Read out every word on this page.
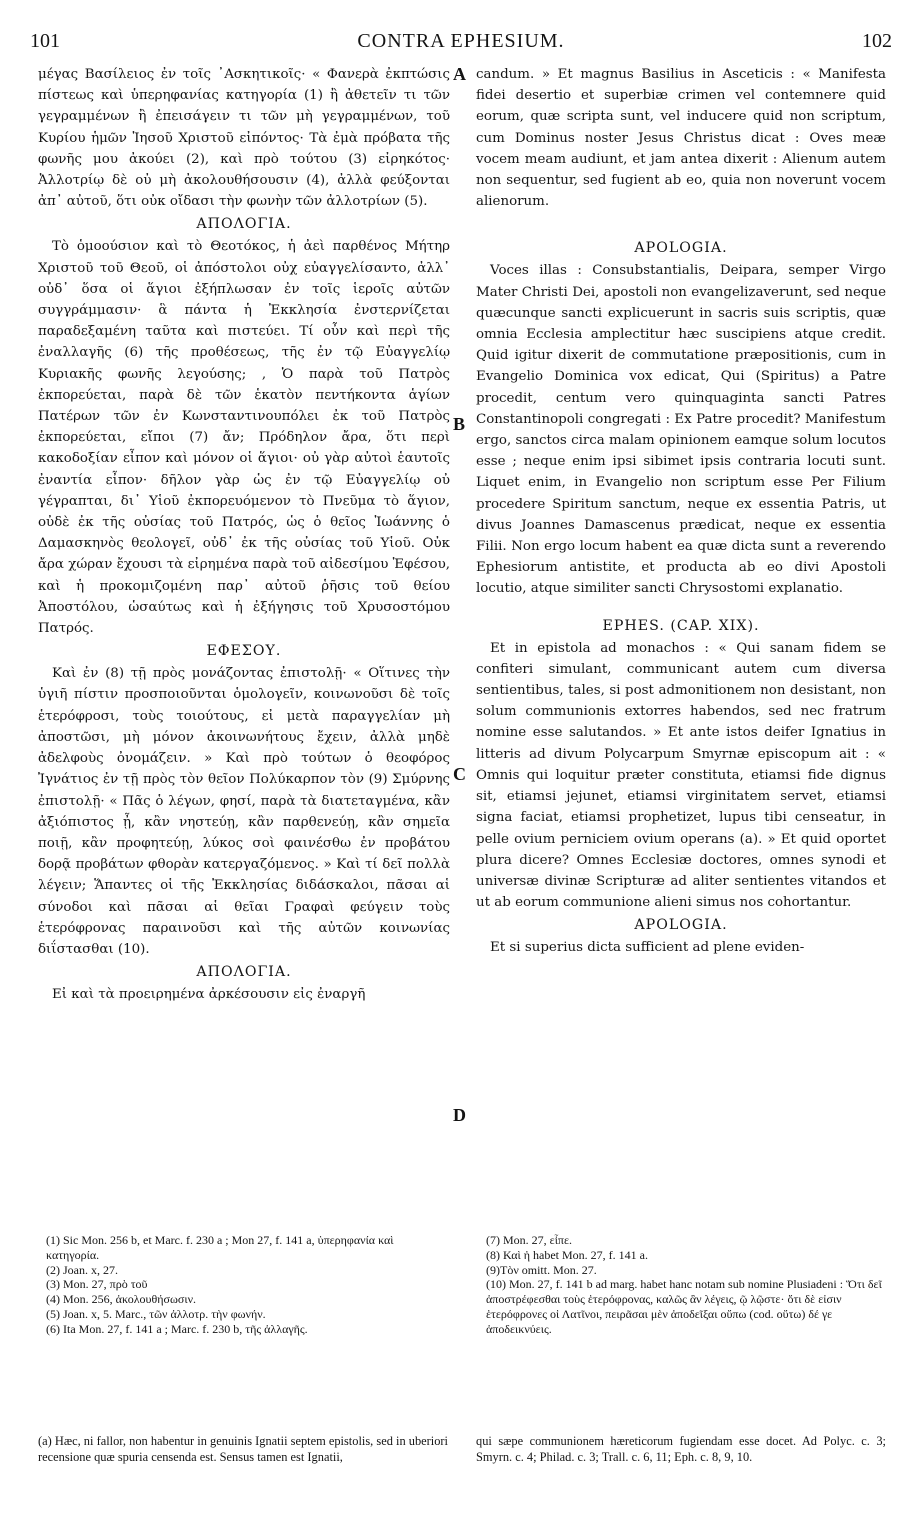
101	CONTRA EPHESIUM.	102
A
B
C
D

μέγας Βασίλειος ἐν τοῖς ᾿Ασκητικοῖς· « Φανερὰ ἐκπτώσις πίστεως καὶ ὑπερηφανίας κατηγορία (1) ἢ ἀθετεῖν τι τῶν γεγραμμένων ἢ ἐπεισάγειν τι τῶν μὴ γεγραμμένων, τοῦ Κυρίου ἡμῶν Ἰησοῦ Χριστοῦ εἰπόντος· Τὰ ἐμὰ πρόβατα τῆς φωνῆς μου ἀκούει (2), καὶ πρὸ τούτου (3) εἰρηκότος· Ἀλλοτρίῳ δὲ οὐ μὴ ἀκολουθήσουσιν (4), ἀλλὰ φεύξονται ἀπ᾿ αὐτοῦ, ὅτι οὐκ οἴδασι τὴν φωνὴν τῶν ἀλλοτρίων (5).

ΑΠΟΛΟΓΙΑ.

Τὸ ὁμοούσιον καὶ τὸ Θεοτόκος, ἡ ἀεὶ παρθένος Μήτηρ Χριστοῦ τοῦ Θεοῦ, οἱ ἀπόστολοι οὐχ εὐαγγελίσαντο, ἀλλ᾿ οὐδ᾿ ὅσα οἱ ἅγιοι ἐξήπλωσαν ἐν τοῖς ἱεροῖς αὐτῶν συγγράμμασιν· ἃ πάντα ἡ Ἐκκλησία ἐνστερνίζεται παραδεξαμένη ταῦτα καὶ πιστεύει. Τί οὖν καὶ περὶ τῆς ἐναλλαγῆς (6) τῆς προθέσεως, τῆς ἐν τῷ Εὐαγγελίῳ Κυριακῆς φωνῆς λεγούσης; , Ὁ παρὰ τοῦ Πατρὸς ἐκπορεύεται, παρὰ δὲ τῶν ἑκατὸν πεντήκοντα ἁγίων Πατέρων τῶν ἐν Κωνσταντινουπόλει ἐκ τοῦ Πατρὸς ἐκπορεύεται, εἴποι (7) ἄν; Πρόδηλον ἄρα, ὅτι περὶ κακοδοξίαν εἶπον καὶ μόνον οἱ ἅγιοι· οὐ γὰρ αὐτοὶ ἑαυτοῖς ἐναντία εἶπον· δῆλον γὰρ ὡς ἐν τῷ Εὐαγγελίῳ οὐ γέγραπται, δι᾿ Υἱοῦ ἐκπορευόμενον τὸ Πνεῦμα τὸ ἅγιον, οὐδὲ ἐκ τῆς οὐσίας τοῦ Πατρός, ὡς ὁ θεῖος Ἰωάννης ὁ Δαμασκηνὸς θεολογεῖ, οὐδ᾿ ἐκ τῆς οὐσίας τοῦ Υἱοῦ. Οὐκ ἄρα χώραν ἔχουσι τὰ εἰρημένα παρὰ τοῦ αἰδεσίμου Ἐφέσου, καὶ ἡ προκομιζομένη παρ᾿ αὐτοῦ ῥῆσις τοῦ θείου Ἀποστόλου, ὡσαύτως καὶ ἡ ἐξήγησις τοῦ Χρυσοστόμου Πατρός.

ΕΦΕΣΟΥ.

Καὶ ἐν (8) τῇ πρὸς μονάζοντας ἐπιστολῇ· « Οἵτινες τὴν ὑγιῆ πίστιν προσποιοῦνται ὁμολογεῖν, κοινωνοῦσι δὲ τοῖς ἑτερόφροσι, τοὺς τοιούτους, εἰ μετὰ παραγγελίαν μὴ ἀποστῶσι, μὴ μόνον ἀκοινωνήτους ἔχειν, ἀλλὰ μηδὲ ἀδελφοὺς ὀνομάζειν. » Καὶ πρὸ τούτων ὁ θεοφόρος Ἰγνάτιος ἐν τῇ πρὸς τὸν θεῖον Πολύκαρπον τὸν (9) Σμύρνης ἐπιστολῇ· « Πᾶς ὁ λέγων, φησί, παρὰ τὰ διατεταγμένα, κἂν ἀξιόπιστος ᾖ, κἂν νηστεύῃ, κἂν παρθενεύῃ, κἂν σημεῖα ποιῇ, κἂν προφητεύῃ, λύκος σοὶ φαινέσθω ἐν προβάτου δορᾷ προβάτων φθορὰν κατεργαζόμενος. » Καὶ τί δεῖ πολλὰ λέγειν; Ἅπαντες οἱ τῆς Ἐκκλησίας διδάσκαλοι, πᾶσαι αἱ σύνοδοι καὶ πᾶσαι αἱ θεῖαι Γραφαὶ φεύγειν τοὺς ἑτερόφρονας παραινοῦσι καὶ τῆς αὐτῶν κοινωνίας διΐστασθαι (10).

ΑΠΟΛΟΓΙΑ.

Εἰ καὶ τὰ προειρημένα ἀρκέσουσιν εἰς ἐναργῆ

candum. » Et magnus Basilius in Asceticis : « Manifesta fidei desertio et superbiæ crimen vel contemnere quid eorum, quæ scripta sunt, vel inducere quid non scriptum, cum Dominus noster Jesus Christus dicat : Oves meæ vocem meam audiunt, et jam antea dixerit : Alienum autem non sequentur, sed fugient ab eo, quia non noverunt vocem alienorum.

APOLOGIA.

Voces illas : Consubstantialis, Deipara, semper Virgo Mater Christi Dei, apostoli non evangelizaverunt, sed neque quæcunque sancti explicuerunt in sacris suis scriptis, quæ omnia Ecclesia amplectitur hæc suscipiens atque credit. Quid igitur dixerit de commutatione præpositionis, cum in Evangelio Dominica vox edicat, Qui (Spiritus) a Patre procedit, centum vero quinquaginta sancti Patres Constantinopoli congregati : Ex Patre procedit? Manifestum ergo, sanctos circa malam opinionem eamque solum locutos esse ; neque enim ipsi sibimet ipsis contraria locuti sunt. Liquet enim, in Evangelio non scriptum esse Per Filium procedere Spiritum sanctum, neque ex essentia Patris, ut divus Joannes Damascenus prædicat, neque ex essentia Filii. Non ergo locum habent ea quæ dicta sunt a reverendo Ephesiorum antistite, et producta ab eo divi Apostoli locutio, atque similiter sancti Chrysostomi explanatio.

EPHES. (CAP. XIX).

Et in epistola ad monachos : « Qui sanam fidem se confiteri simulant, communicant autem cum diversa sentientibus, tales, si post admonitionem non desistant, non solum communionis extorres habendos, sed nec fratrum nomine esse salutandos. » Et ante istos deifer Ignatius in litteris ad divum Polycarpum Smyrnæ episcopum ait : « Omnis qui loquitur præter constituta, etiamsi fide dignus sit, etiamsi jejunet, etiamsi virginitatem servet, etiamsi signa faciat, etiamsi prophetizet, lupus tibi censeatur, in pelle ovium perniciem ovium operans (a). » Et quid oportet plura dicere? Omnes Ecclesiæ doctores, omnes synodi et universæ divinæ Scripturæ ad aliter sentientes vitandos et ut ab eorum communione alieni simus nos cohortantur.

APOLOGIA.

Et si superius dicta sufficient ad plene eviden-

(1) Sic Mon. 256 b, et Marc. f. 230 a ; Mon 27, f. 141 a, ὑπερηφανία καὶ κατηγορία.
(2) Joan. x, 27.
(3) Mon. 27, πρὸ τοῦ
(4) Mon. 256, ἀκολουθήσωσιν.
(5) Joan. x, 5. Marc., τῶν ἀλλοτρ. τὴν φωνήν.
(6) Ita Mon. 27, f. 141 a ; Marc. f. 230 b, τῆς ἀλλαγῆς.
(7) Mon. 27, εἶπε.
(8) Καὶ ἡ habet Mon. 27, f. 141 a.
(9)Τὸν omitt. Mon. 27.
(10) Mon. 27, f. 141 b ad marg. habet hanc notam sub nomine Plusiadeni : Ὅτι δεῖ ἀποστρέφεσθαι τοὺς ἑτερόφρονας, καλῶς ἂν λέγεις, ῷ λῷστε· ὅτι δὲ εἰσιν ἑτερόφρονες οἱ Λατῖνοι, πειρᾶσαι μὲν ἀποδεῖξαι οὕπω (cod. οὕτω) δέ γε ἀποδεικνύεις.
(a) Hæc, ni fallor, non habentur in genuinis Ignatii septem epistolis, sed in uberiori recensione quæ spuria censenda est. Sensus tamen est Ignatii,
qui sæpe communionem hæreticorum fugiendam esse docet. Ad Polyc. c. 3; Smyrn. c. 4; Philad. c. 3; Trall. c. 6, 11; Eph. c. 8, 9, 10.
